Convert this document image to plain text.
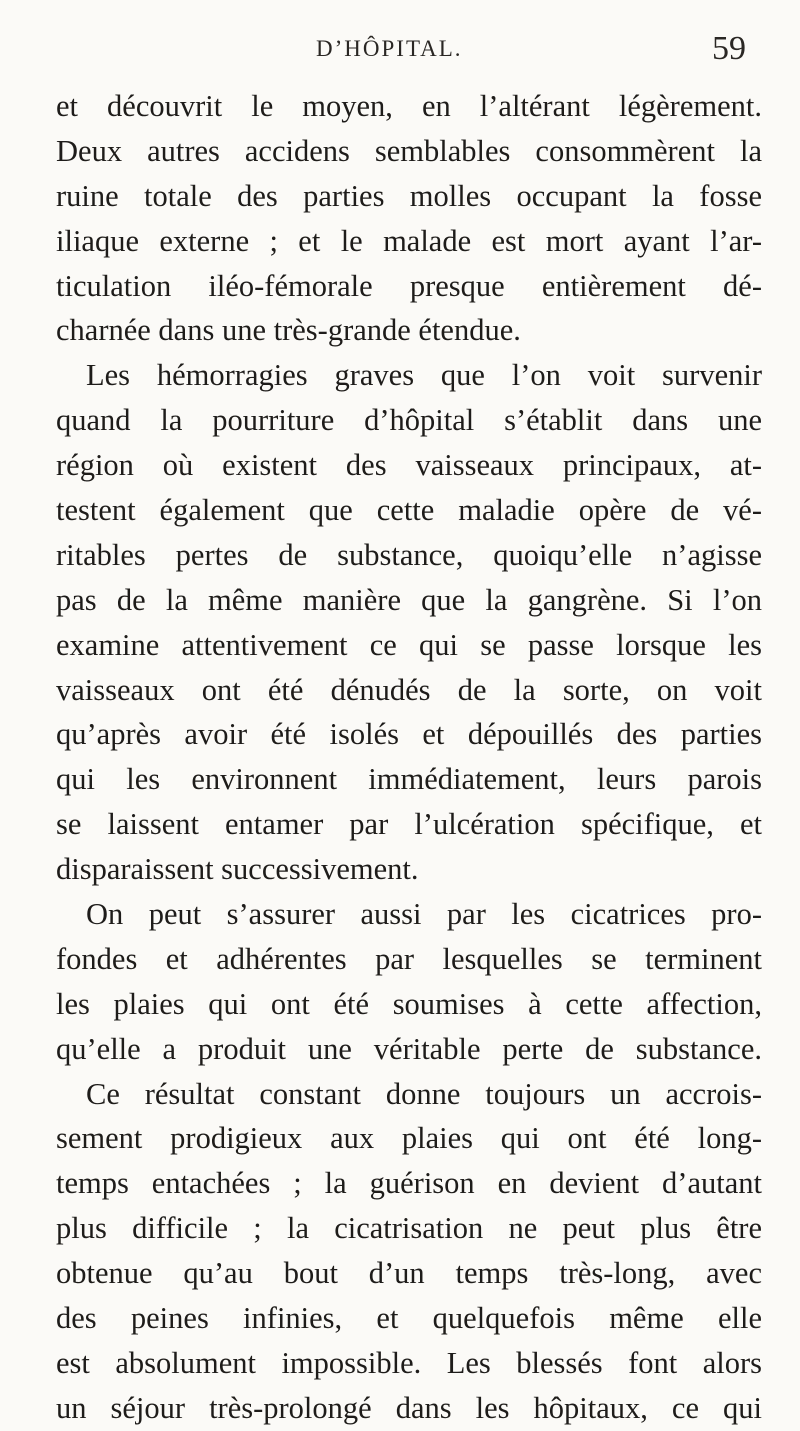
D’HÔPITAL.	59
et découvrit le moyen, en l’altérant légèrement.
Deux autres accidens semblables consommèrent la
ruine totale des parties molles occupant la fosse
iliaque externe ; et le malade est mort ayant l’ar-
ticulation iléo-fémorale presque entièrement dé-
charnée dans une très-grande étendue.
Les hémorragies graves que l’on voit survenir
quand la pourriture d’hôpital s’établit dans une
région où existent des vaisseaux principaux, at-
testent également que cette maladie opère de vé-
ritables pertes de substance, quoiqu’elle n’agisse
pas de la même manière que la gangrène. Si l’on
examine attentivement ce qui se passe lorsque les
vaisseaux ont été dénudés de la sorte, on voit
qu’après avoir été isolés et dépouillés des parties
qui les environnent immédiatement, leurs parois
se laissent entamer par l’ulcération spécifique, et
disparaissent successivement.
On peut s’assurer aussi par les cicatrices pro-
fondes et adhérentes par lesquelles se terminent
les plaies qui ont été soumises à cette affection,
qu’elle a produit une véritable perte de substance.
Ce résultat constant donne toujours un accrois-
sement prodigieux aux plaies qui ont été long-
temps entachées ; la guérison en devient d’autant
plus difficile ; la cicatrisation ne peut plus être
obtenue qu’au bout d’un temps très-long, avec
des peines infinies, et quelquefois même elle
est absolument impossible. Les blessés font alors
un séjour très-prolongé dans les hôpitaux, ce qui
